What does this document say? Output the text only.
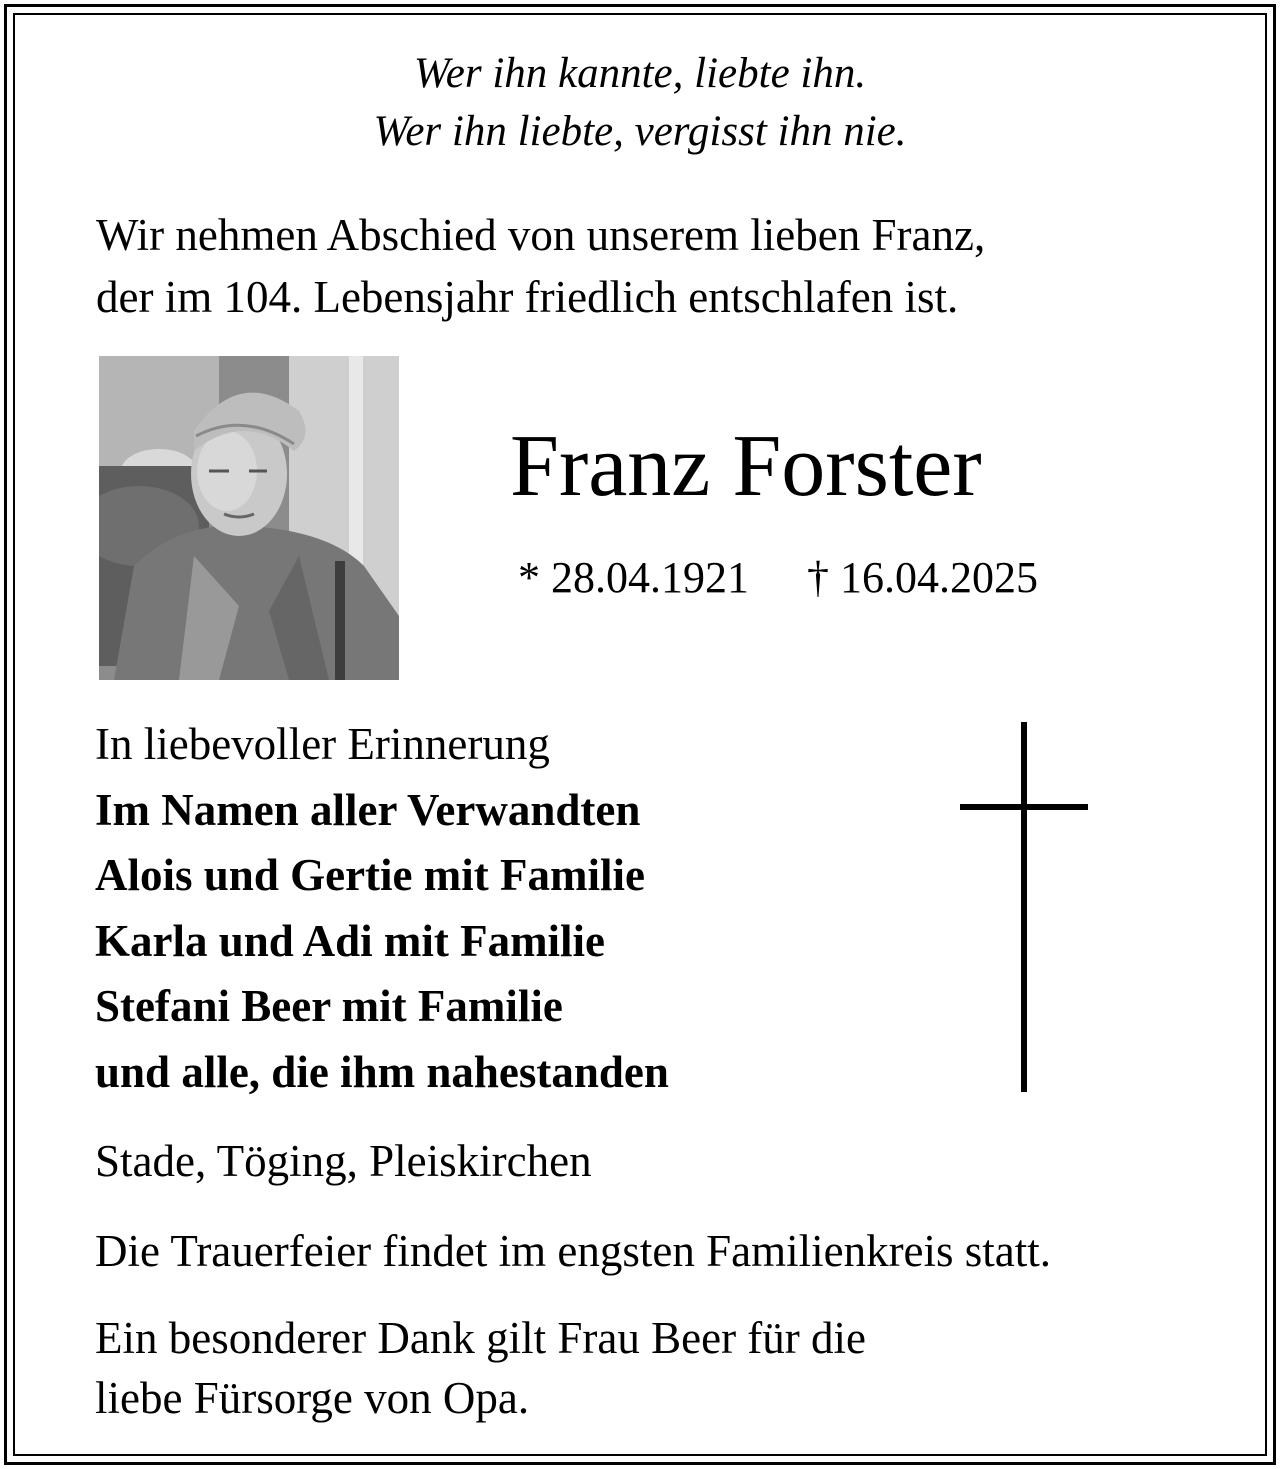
Wer ihn kannte, liebte ihn.
Wer ihn liebte, vergisst ihn nie.
Wir nehmen Abschied von unserem lieben Franz,
der im 104. Lebensjahr friedlich entschlafen ist.
Franz Forster
* 28.04.1921 † 16.04.2025
In liebevoller Erinnerung
Im Namen aller Verwandten
Alois und Gertie mit Familie
Karla und Adi mit Familie
Stefani Beer mit Familie
und alle, die ihm nahestanden
Stade, Töging, Pleiskirchen
Die Trauerfeier findet im engsten Familienkreis statt.
Ein besonderer Dank gilt Frau Beer für die
liebe Fürsorge von Opa.
